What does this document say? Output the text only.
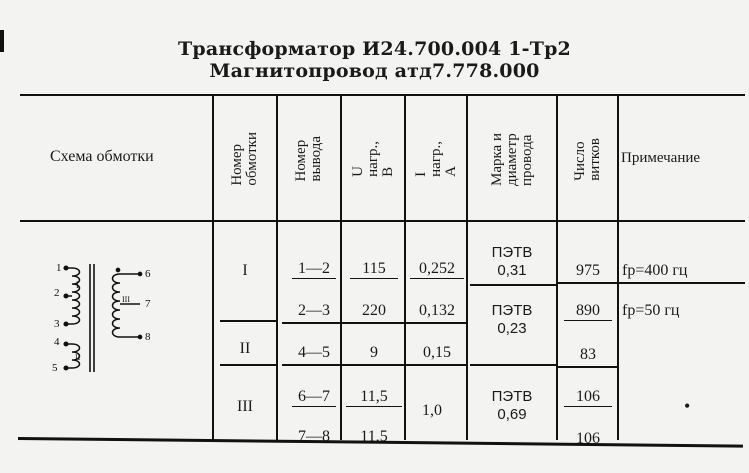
Трансформатор И24.700.004 1-Тр2
Магнитопровод атд7.778.000
Схема обмотки	Номер
обмотки Номер
вывода U
нагр.,
В I
нагр.,
А Марка и
диаметр
провода Число
витков Примечание
I
II
III
1—2
2—3
4—5
6—7
7—8
115
220
9
11,5
11,5
0,252
0,132
0,15
1,0
ПЭТВ
0,31
ПЭТВ
0,23
ПЭТВ
0,69
975
890
83
106
106
fр=400 гц
fр=50 гц
•
1
2
3
4
5
6
7
8
I
II
III
